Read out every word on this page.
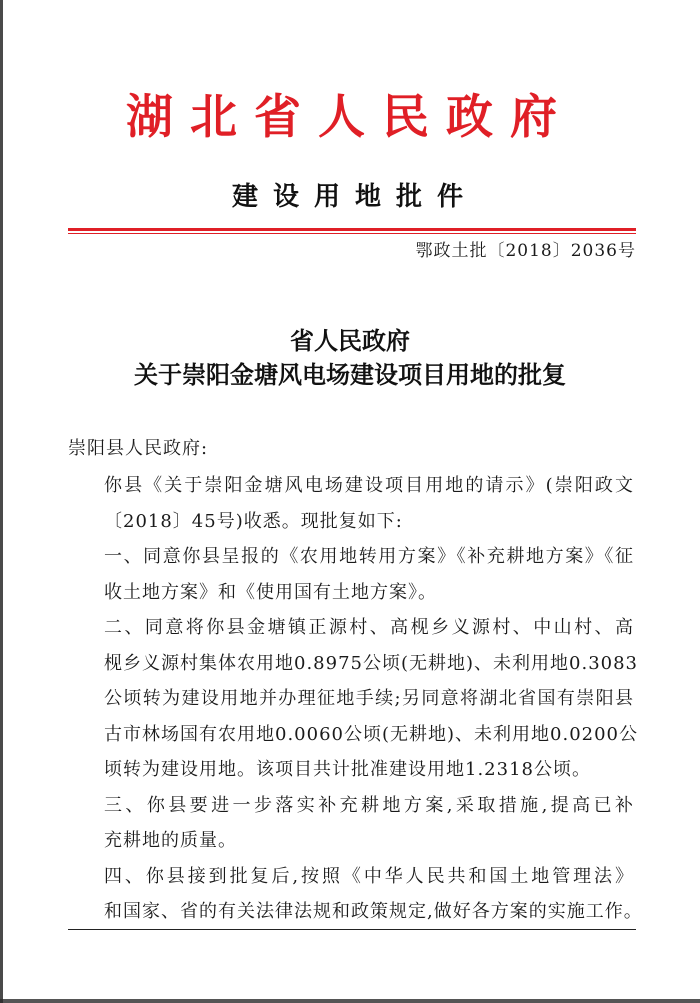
湖北省人民政府
建设用地批件
鄂政土批〔2018〕2036号
省人民政府
关于崇阳金塘风电场建设项目用地的批复
崇阳县人民政府:

你县《关于崇阳金塘风电场建设项目用地的请示》(崇阳政文
〔2018〕45号)收悉。现批复如下:

一、同意你县呈报的《农用地转用方案》《补充耕地方案》《征
收土地方案》和《使用国有土地方案》。

二、同意将你县金塘镇正源村、高枧乡义源村、中山村、高
枧乡义源村集体农用地0.8975公顷(无耕地)、未利用地0.3083
公顷转为建设用地并办理征地手续;另同意将湖北省国有崇阳县
古市林场国有农用地0.0060公顷(无耕地)、未利用地0.0200公
顷转为建设用地。该项目共计批准建设用地1.2318公顷。

三、你县要进一步落实补充耕地方案,采取措施,提高已补
充耕地的质量。

四、你县接到批复后,按照《中华人民共和国土地管理法》
和国家、省的有关法律法规和政策规定,做好各方案的实施工作。
